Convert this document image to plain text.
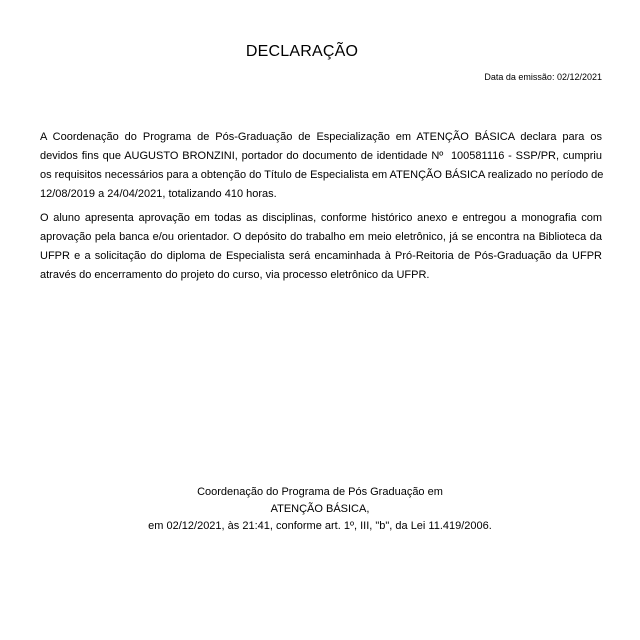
DECLARAÇÃO
Data da emissão: 02/12/2021
A Coordenação do Programa de Pós-Graduação de Especialização em ATENÇÃO BÁSICA declara para os
devidos fins que AUGUSTO BRONZINI, portador do documento de identidade Nº  100581116 - SSP/PR, cumpriu
os requisitos necessários para a obtenção do Título de Especialista em ATENÇÃO BÁSICA realizado no período de
12/08/2019 a 24/04/2021, totalizando 410 horas.
O aluno apresenta aprovação em todas as disciplinas, conforme histórico anexo e entregou a monografia com
aprovação pela banca e/ou orientador. O depósito do trabalho em meio eletrônico, já se encontra na Biblioteca da
UFPR e a solicitação do diploma de Especialista será encaminhada à Pró-Reitoria de Pós-Graduação da UFPR
através do encerramento do projeto do curso, via processo eletrônico da UFPR.
Coordenação do Programa de Pós Graduação em
ATENÇÃO BÁSICA,
em 02/12/2021, às 21:41, conforme art. 1º, III, "b", da Lei 11.419/2006.
